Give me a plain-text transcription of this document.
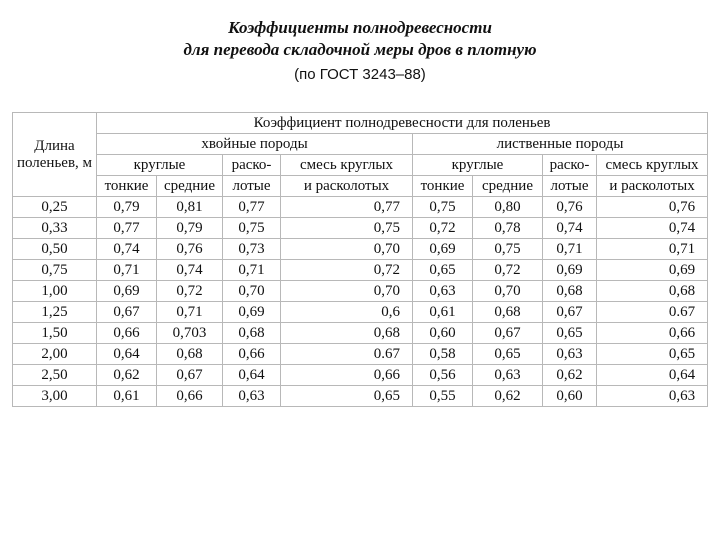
Коэффициенты полнодревесности
для перевода складочной меры дров в плотную
(по ГОСТ 3243–88)
Длина поленьев, м	Коэффициент полнодревесности для поленьев							
	хвойные породы				лиственные породы			
	круглые		раско-	смесь круглых	круглые		раско-	смесь круглых
	тонкие	средние	лотые	и расколотых	тонкие	средние	лотые	и расколотых
0,25	0,79	0,81	0,77	0,77	0,75	0,80	0,76	0,76
0,33	0,77	0,79	0,75	0,75	0,72	0,78	0,74	0,74
0,50	0,74	0,76	0,73	0,70	0,69	0,75	0,71	0,71
0,75	0,71	0,74	0,71	0,72	0,65	0,72	0,69	0,69
1,00	0,69	0,72	0,70	0,70	0,63	0,70	0,68	0,68
1,25	0,67	0,71	0,69	0,6	0,61	0,68	0,67	0.67
1,50	0,66	0,703	0,68	0,68	0,60	0,67	0,65	0,66
2,00	0,64	0,68	0,66	0.67	0,58	0,65	0,63	0,65
2,50	0,62	0,67	0,64	0,66	0,56	0,63	0,62	0,64
3,00	0,61	0,66	0,63	0,65	0,55	0,62	0,60	0,63
